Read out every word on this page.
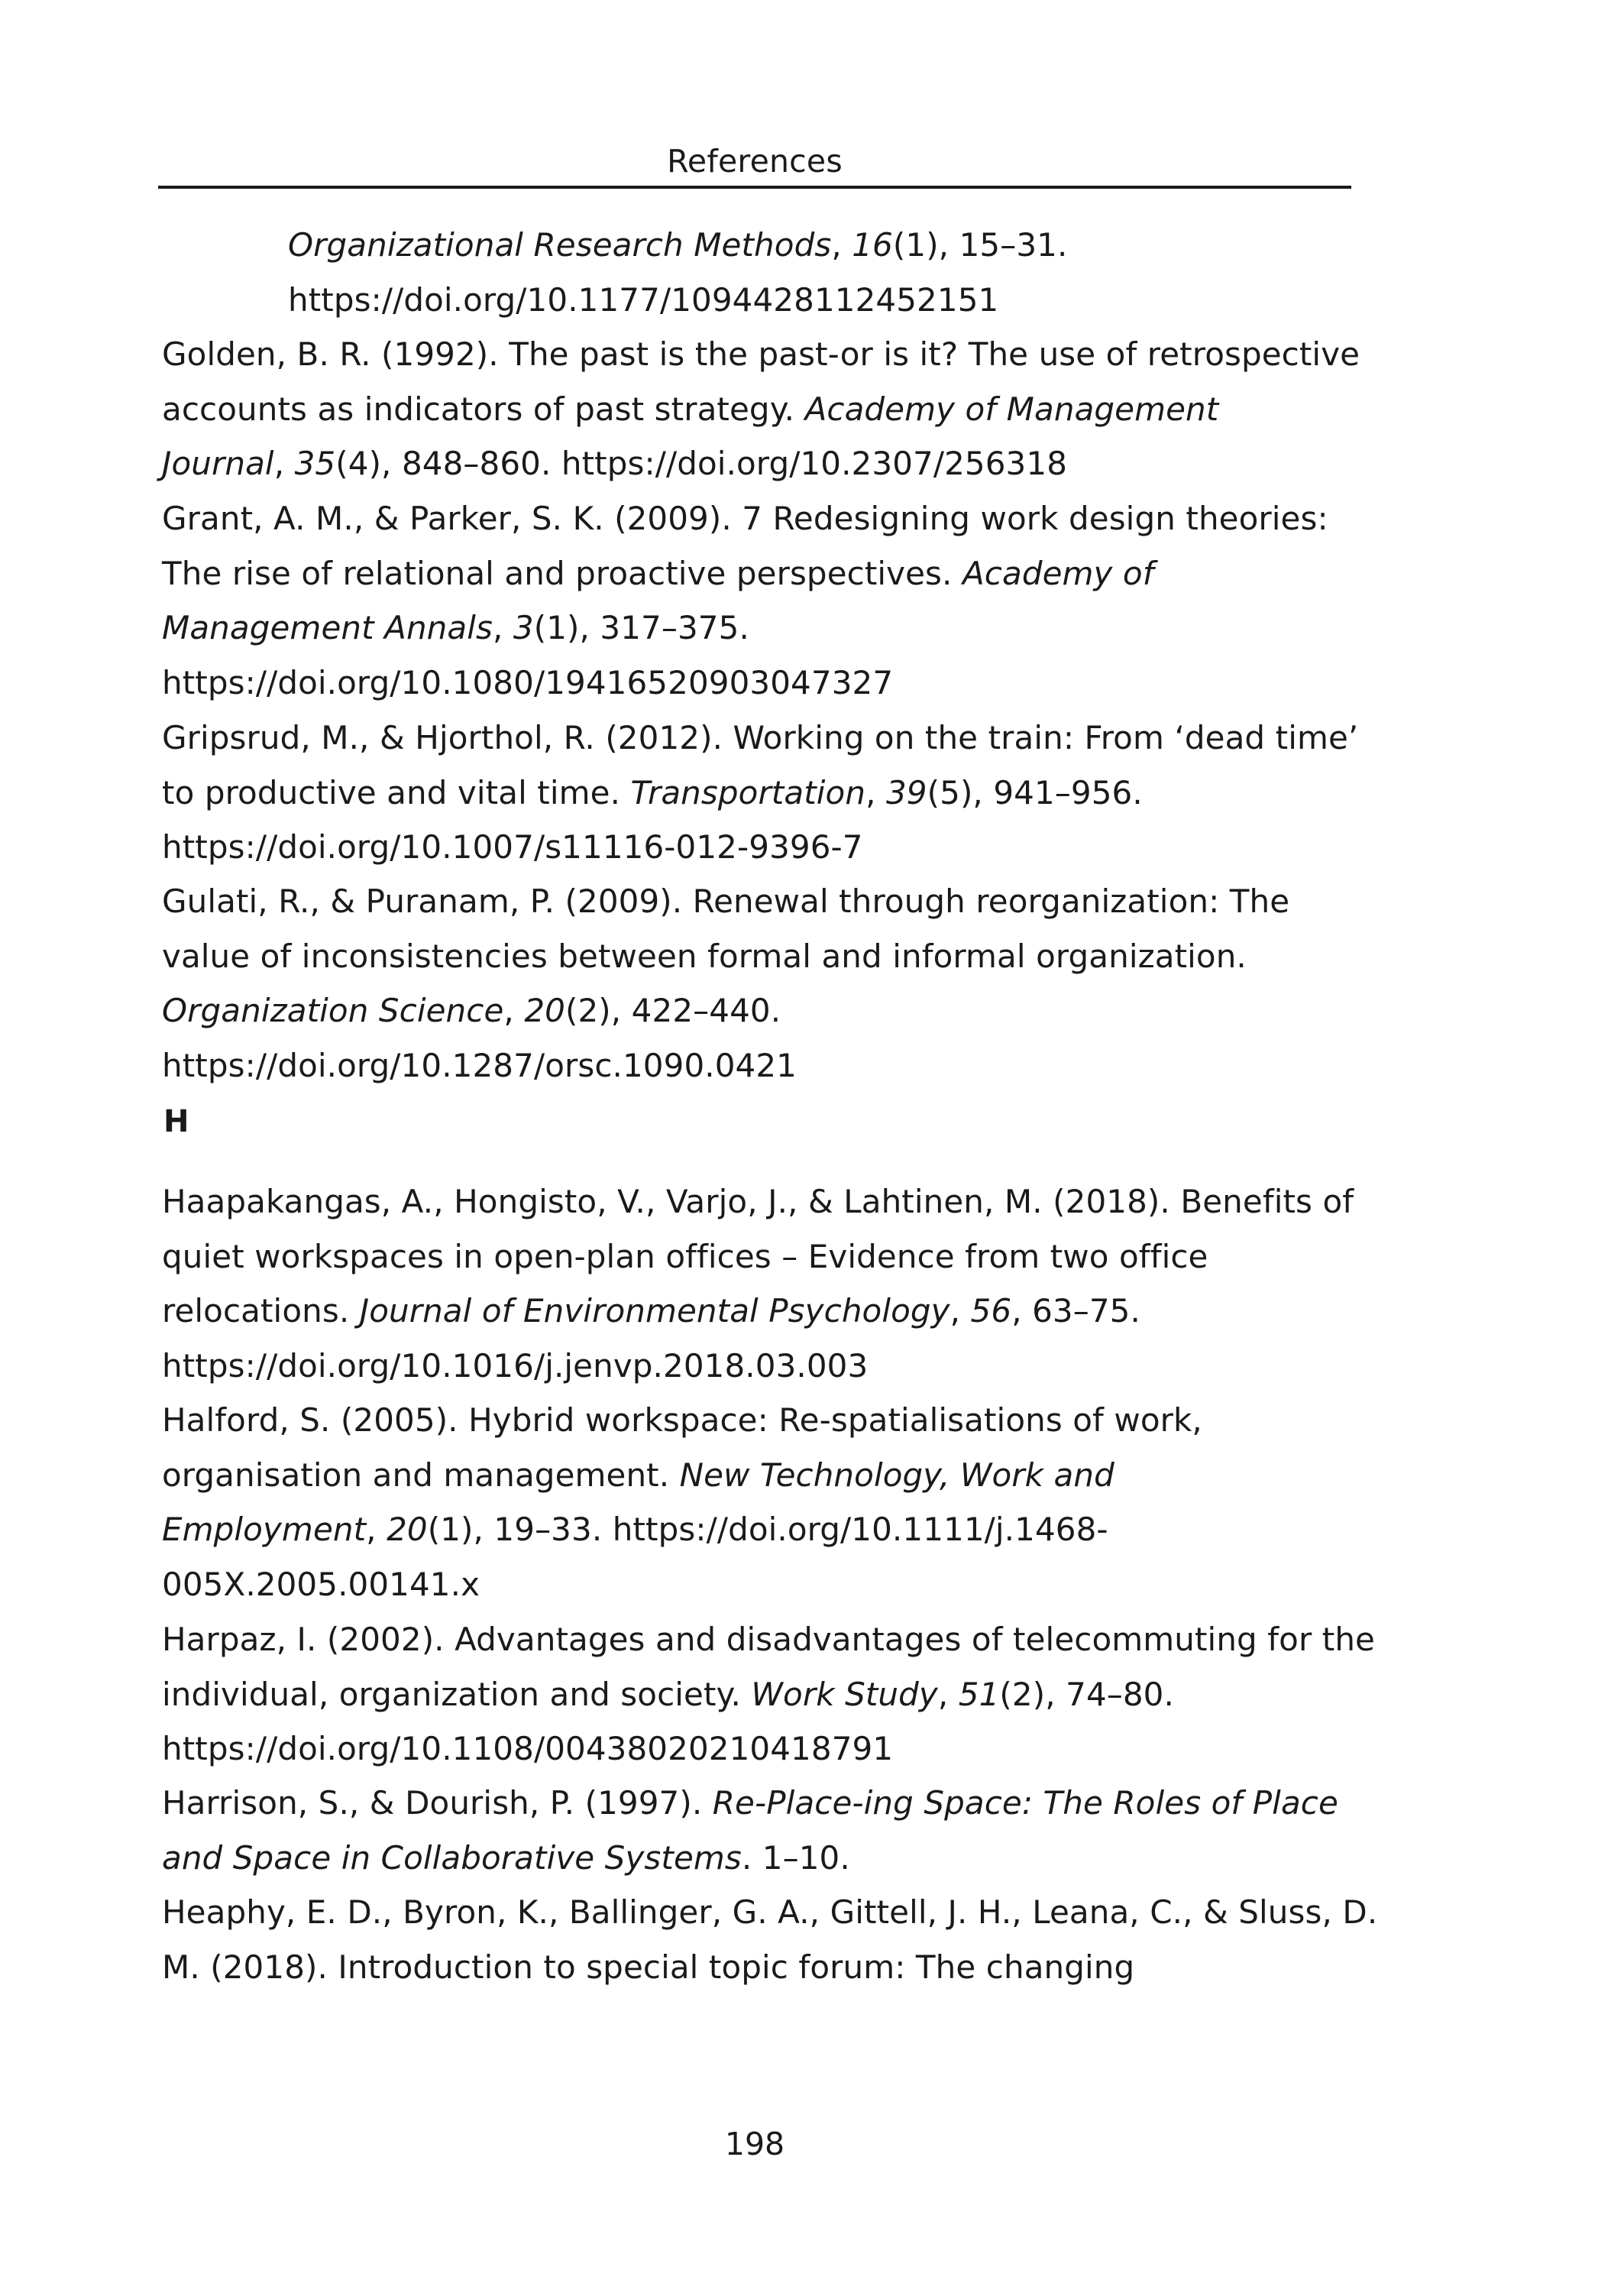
References
Organizational Research Methods, 16(1), 15–31.
https://doi.org/10.1177/1094428112452151
Golden, B. R. (1992). The past is the past-or is it? The use of retrospective
accounts as indicators of past strategy. Academy of Management
Journal, 35(4), 848–860. https://doi.org/10.2307/256318
Grant, A. M., & Parker, S. K. (2009). 7 Redesigning work design theories:
The rise of relational and proactive perspectives. Academy of
Management Annals, 3(1), 317–375.
https://doi.org/10.1080/19416520903047327
Gripsrud, M., & Hjorthol, R. (2012). Working on the train: From ‘dead time’
to productive and vital time. Transportation, 39(5), 941–956.
https://doi.org/10.1007/s11116-012-9396-7
Gulati, R., & Puranam, P. (2009). Renewal through reorganization: The
value of inconsistencies between formal and informal organization.
Organization Science, 20(2), 422–440.
https://doi.org/10.1287/orsc.1090.0421
H
Haapakangas, A., Hongisto, V., Varjo, J., & Lahtinen, M. (2018). Benefits of
quiet workspaces in open-plan offices – Evidence from two office
relocations. Journal of Environmental Psychology, 56, 63–75.
https://doi.org/10.1016/j.jenvp.2018.03.003
Halford, S. (2005). Hybrid workspace: Re-spatialisations of work,
organisation and management. New Technology, Work and
Employment, 20(1), 19–33. https://doi.org/10.1111/j.1468-
005X.2005.00141.x
Harpaz, I. (2002). Advantages and disadvantages of telecommuting for the
individual, organization and society. Work Study, 51(2), 74–80.
https://doi.org/10.1108/00438020210418791
Harrison, S., & Dourish, P. (1997). Re-Place-ing Space: The Roles of Place
and Space in Collaborative Systems. 1–10.
Heaphy, E. D., Byron, K., Ballinger, G. A., Gittell, J. H., Leana, C., & Sluss, D.
M. (2018). Introduction to special topic forum: The changing
198
